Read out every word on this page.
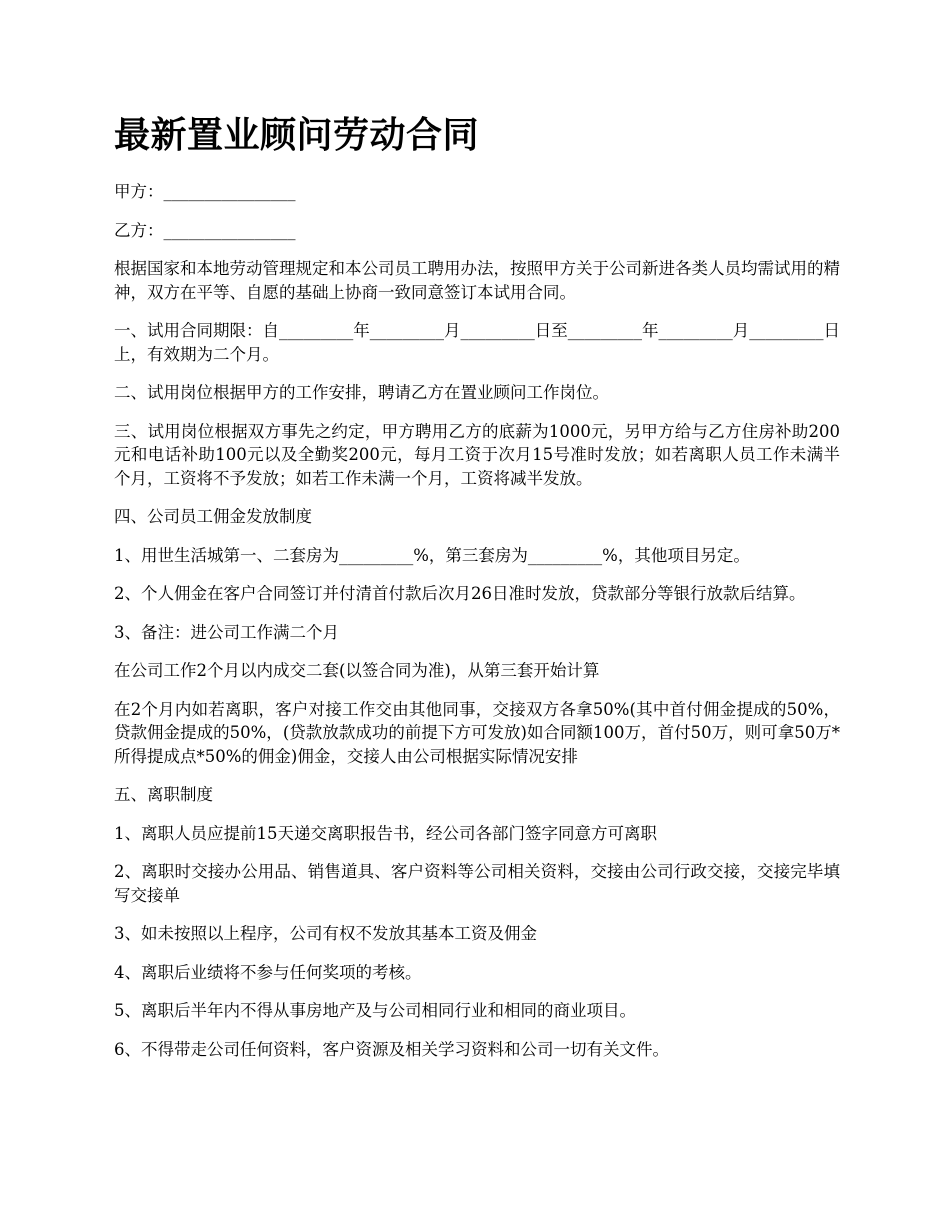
最新置业顾问劳动合同

甲方：________________

乙方：________________

根据国家和本地劳动管理规定和本公司员工聘用办法，按照甲方关于公司新进各类人员均需试用的精神，双方在平等、自愿的基础上协商一致同意签订本试用合同。

一、试用合同期限：自_________年_________月_________日至_________年_________月_________日上，有效期为二个月。

二、试用岗位根据甲方的工作安排，聘请乙方在置业顾问工作岗位。

三、试用岗位根据双方事先之约定，甲方聘用乙方的底薪为1000元，另甲方给与乙方住房补助200元和电话补助100元以及全勤奖200元，每月工资于次月15号准时发放；如若离职人员工作未满半个月，工资将不予发放；如若工作未满一个月，工资将减半发放。

四、公司员工佣金发放制度

1、用世生活城第一、二套房为_________%，第三套房为_________%，其他项目另定。

2、个人佣金在客户合同签订并付清首付款后次月26日准时发放，贷款部分等银行放款后结算。

3、备注：进公司工作满二个月

在公司工作2个月以内成交二套(以签合同为准)，从第三套开始计算

在2个月内如若离职，客户对接工作交由其他同事，交接双方各拿50%(其中首付佣金提成的50%，贷款佣金提成的50%，(贷款放款成功的前提下方可发放)如合同额100万，首付50万，则可拿50万*所得提成点*50%的佣金)佣金，交接人由公司根据实际情况安排

五、离职制度

1、离职人员应提前15天递交离职报告书，经公司各部门签字同意方可离职

2、离职时交接办公用品、销售道具、客户资料等公司相关资料，交接由公司行政交接，交接完毕填写交接单

3、如未按照以上程序，公司有权不发放其基本工资及佣金

4、离职后业绩将不参与任何奖项的考核。

5、离职后半年内不得从事房地产及与公司相同行业和相同的商业项目。

6、不得带走公司任何资料，客户资源及相关学习资料和公司一切有关文件。
